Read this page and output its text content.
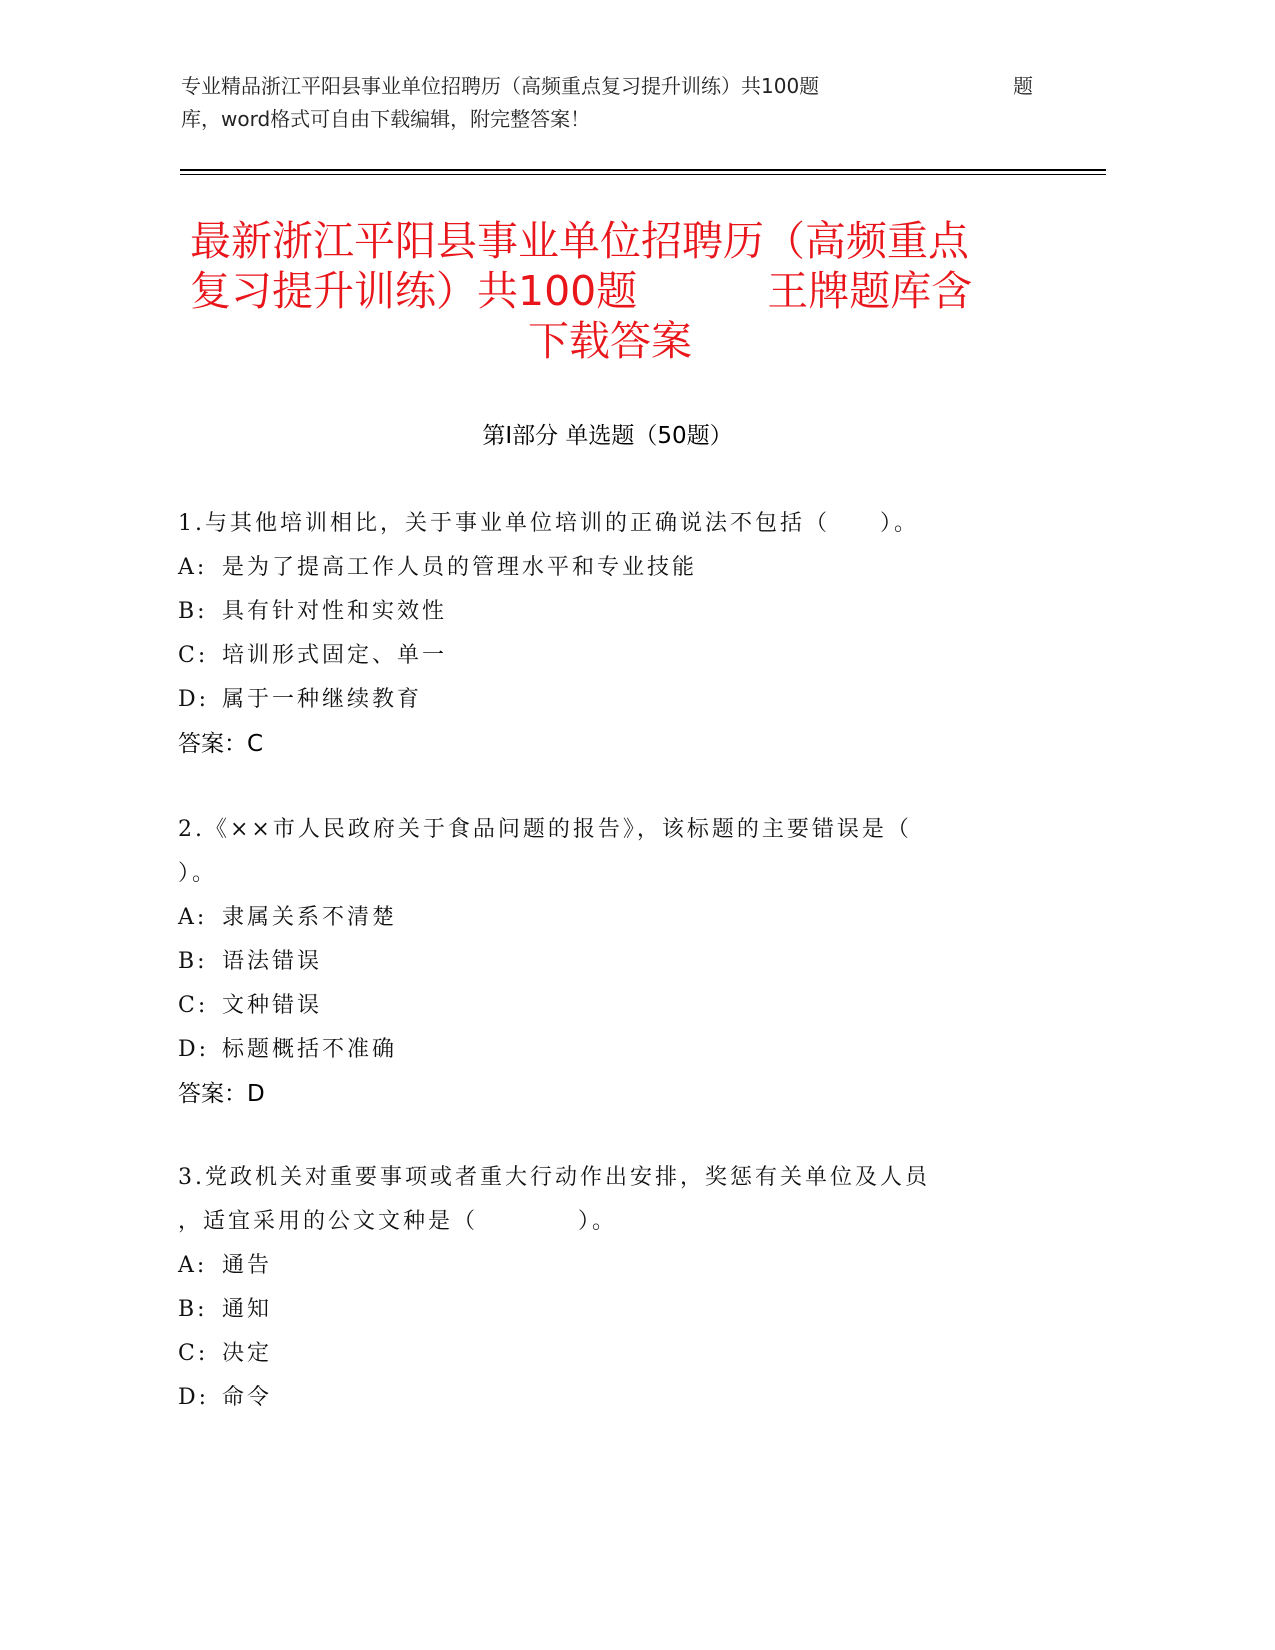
专业精品浙江平阳县事业单位招聘历（高频重点复习提升训练）共100题	题
库，word格式可自由下载编辑，附完整答案！
最新浙江平阳县事业单位招聘历（高频重点
复习提升训练）共100题	王牌题库含
下载答案
第Ⅰ部分 单选题（50题）
1.与其他培训相比，关于事业单位培训的正确说法不包括（　　）。
A: 是为了提高工作人员的管理水平和专业技能
B: 具有针对性和实效性
C: 培训形式固定、单一
D: 属于一种继续教育
答案：C
2.《××市人民政府关于食品问题的报告》，该标题的主要错误是（
）。
A: 隶属关系不清楚
B: 语法错误
C: 文种错误
D: 标题概括不准确
答案：D
3.党政机关对重要事项或者重大行动作出安排，奖惩有关单位及人员
，适宜采用的公文文种是（　　　　）。
A: 通告
B: 通知
C: 决定
D: 命令
